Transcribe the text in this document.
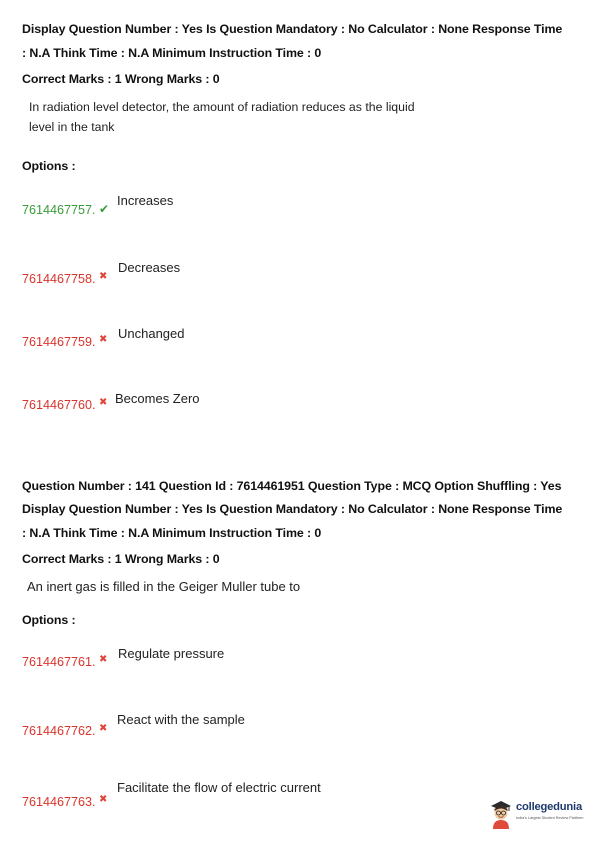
Display Question Number : Yes Is Question Mandatory : No Calculator : None Response Time
: N.A Think Time : N.A Minimum Instruction Time : 0
Correct Marks : 1 Wrong Marks : 0
In radiation level detector, the amount of radiation reduces as the liquid
level in the tank
Options :
7614467757. ✔
Increases
7614467758. ✖
Decreases
7614467759. ✖ Unchanged
7614467760. ✖ Becomes Zero
Question Number : 141 Question Id : 7614461951 Question Type : MCQ Option Shuffling : Yes
Display Question Number : Yes Is Question Mandatory : No Calculator : None Response Time
: N.A Think Time : N.A Minimum Instruction Time : 0
Correct Marks : 1 Wrong Marks : 0
An inert gas is filled in the Geiger Muller tube to
Options :
7614467761. ✖ Regulate pressure
7614467762. ✖
React with the sample
7614467763. ✖
Facilitate the flow of electric current
collegedunia
India's Largest Student Review Platform
